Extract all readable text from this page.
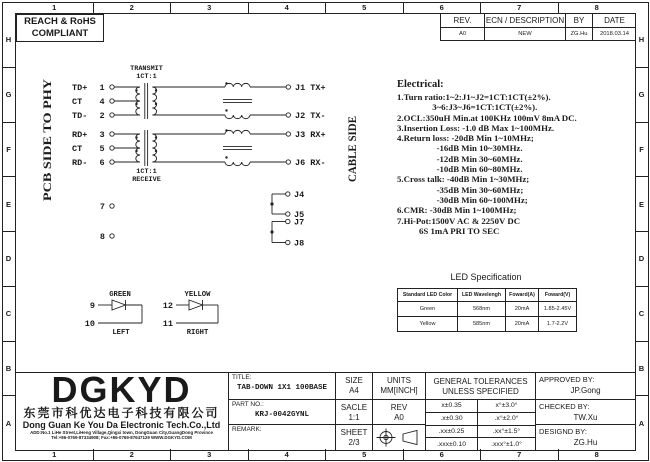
1	2	3	4	5	6	7	8
1	2	3	4	5	6	7	8
H
G
F
E
D
C
B
A
H
G
F
E
D
C
B
A
REACH & RoHS
COMPLIANT
REV.	ECN / DESCRIPTION	BY	DATE
A0	NEW	ZG.Hu	2018.03.14
PCB SIDE TO PHY	CABLE SIDE
TRANSMIT
1CT:1
TD+
CT
TD-
1
4
2
J1 TX+
J2 TX-
1CT:1
RECEIVE
RD+
CT
RD-
3
5
6
J3 RX+
J6 RX-
7
8
J4
J5
J7
J8
GREEN
9
10
LEFT
YELLOW
12
11
RIGHT
Electrical:
1.Turn ratio:1~2:J1~J2=1CT:1CT(±2%).
3~6:J3~J6=1CT:1CT(±2%).
2.OCL:350uH Min.at 100KHz 100mV 8mA DC.
3.Insertion Loss: -1.0 dB Max 1~100MHz.
4.Return loss: -20dB Min 1~10MHz;
-16dB Min 10~30MHz.
-12dB Min 30~60MHz.
-10dB Min 60~80MHz.
5.Cross talk: -40dB Min 1~30MHz;
-35dB Min 30~60MHz;
-30dB Min 60~100MHz;
6.CMR: -30dB Min 1~100MHz;
7.Hi-Pot:1500V AC & 2250V DC
6S 1mA PRI TO SEC
LED Specification
Standard LED Color	LED Wavelengh	Foward(A)	Foward(V)
Green	568nm	20mA	1.85-2.45V
Yellow	585nm	20mA	1.7-2.2V
DGKYD
东莞市科优达电子科技有限公司
Dong Guan Ke You Da Electronic Tech.Co.,Ltd
ADD:No.1 LiHe Street,LiHeng Village,Qingxi town, DongGuan City,GuangDong Province
Tel:+86-0769-87334908; Fax:+86-0769-87647129 WWW.DGKYD.COM
TITLE:
TAB-DOWN 1X1 100BASE
PART NO.:
KRJ-0042GYNL
REMARK:
SIZE
A4
SACLE
1:1
SHEET
2/3
UNITS
MM[INCH]
REV
A0
GENERAL TOLERANCES
UNLESS SPECIFIED
x±0.35	x°±3.0°
.x±0.30	.x°±2.0°
.xx±0.25	.xx°±1.5°
.xxx±0.10	.xxx°±1.0°
APPROVED BY:
JP.Gong
CHECKED BY:
TW.Xu
DESIGND BY:
ZG.Hu
